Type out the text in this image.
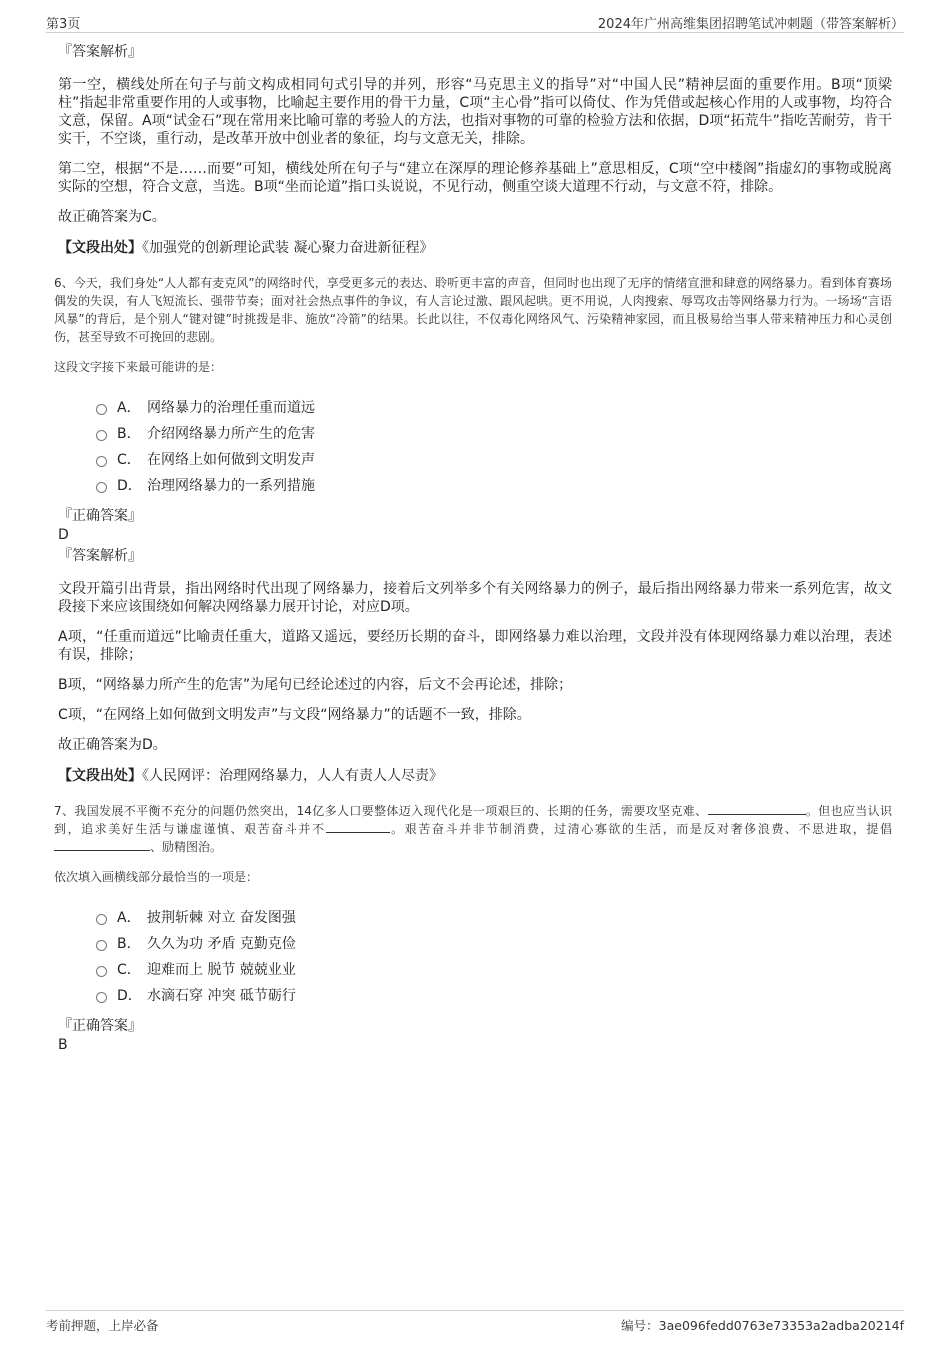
第3页	2024年广州高维集团招聘笔试冲刺题（带答案解析）
『答案解析』

第一空，横线处所在句子与前文构成相同句式引导的并列，形容“马克思主义的指导”对“中国人民”精神层面的重要作用。B项“顶梁柱”指起非常重要作用的人或事物，比喻起主要作用的骨干力量，C项“主心骨”指可以倚仗、作为凭借或起核心作用的人或事物，均符合文意，保留。A项“试金石”现在常用来比喻可靠的考验人的方法，也指对事物的可靠的检验方法和依据，D项“拓荒牛”指吃苦耐劳，肯干实干，不空谈，重行动，是改革开放中创业者的象征，均与文意无关，排除。

第二空，根据“不是……而要”可知，横线处所在句子与“建立在深厚的理论修养基础上”意思相反，C项“空中楼阁”指虚幻的事物或脱离实际的空想，符合文意，当选。B项“坐而论道”指口头说说，不见行动，侧重空谈大道理不行动，与文意不符，排除。

故正确答案为C。

【文段出处】《加强党的创新理论武装 凝心聚力奋进新征程》

6、今天，我们身处“人人都有麦克风”的网络时代，享受更多元的表达、聆听更丰富的声音，但同时也出现了无序的情绪宣泄和肆意的网络暴力。看到体育赛场偶发的失误，有人飞短流长、强带节奏；面对社会热点事件的争议，有人言论过激、跟风起哄。更不用说，人肉搜索、辱骂攻击等网络暴力行为。一场场“言语风暴”的背后，是个别人“键对键”时挑拨是非、施放“冷箭”的结果。长此以往，不仅毒化网络风气、污染精神家园，而且极易给当事人带来精神压力和心灵创伤，甚至导致不可挽回的悲剧。

这段文字接下来最可能讲的是：

A． 网络暴力的治理任重而道远
B． 介绍网络暴力所产生的危害
C． 在网络上如何做到文明发声
D． 治理网络暴力的一系列措施
『正确答案』
D
『答案解析』

文段开篇引出背景，指出网络时代出现了网络暴力，接着后文列举多个有关网络暴力的例子，最后指出网络暴力带来一系列危害，故文段接下来应该围绕如何解决网络暴力展开讨论，对应D项。

A项，“任重而道远”比喻责任重大，道路又遥远，要经历长期的奋斗，即网络暴力难以治理，文段并没有体现网络暴力难以治理，表述有误，排除；

B项，“网络暴力所产生的危害”为尾句已经论述过的内容，后文不会再论述，排除；

C项，“在网络上如何做到文明发声”与文段“网络暴力”的话题不一致，排除。

故正确答案为D。

【文段出处】《人民网评：治理网络暴力，人人有责人人尽责》

7、我国发展不平衡不充分的问题仍然突出，14亿多人口要整体迈入现代化是一项艰巨的、长期的任务，需要攻坚克难、	。但也应当认识到，追求美好生活与谦虚谨慎、艰苦奋斗并不	。艰苦奋斗并非节制消费，过清心寡欲的生活，而是反对奢侈浪费、不思进取，提倡、励精图治。

依次填入画横线部分最恰当的一项是：

A． 披荆斩棘 对立 奋发图强
B． 久久为功 矛盾 克勤克俭
C． 迎难而上 脱节 兢兢业业
D． 水滴石穿 冲突 砥节砺行
『正确答案』
B
考前押题，上岸必备	编号：3ae096fedd0763e73353a2adba20214f
